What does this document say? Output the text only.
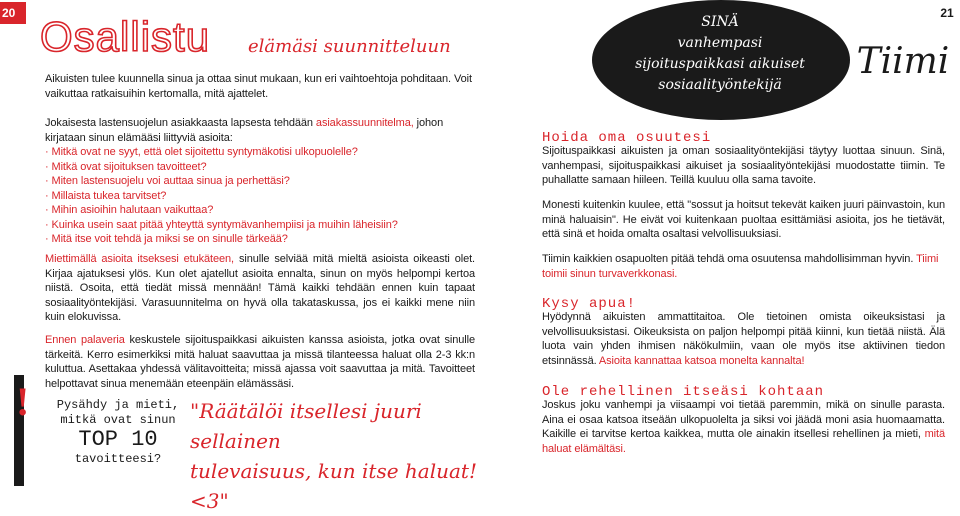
20 Osallistu elämäsi suunnitteluun
Aikuisten tulee kuunnella sinua ja ottaa sinut mukaan, kun eri vaihtoehtoja pohditaan. Voit vaikuttaa ratkaisuihin kertomalla, mitä ajattelet.
Jokaisesta lastensuojelun asiakkaasta lapsesta tehdään asiakassuunnitelma, johon kirjataan sinun elämääsi liittyviä asioita:
· Mitkä ovat ne syyt, että olet sijoitettu syntymäkotisi ulkopuolelle?
· Mitkä ovat sijoituksen tavoitteet?
· Miten lastensuojelu voi auttaa sinua ja perhettäsi?
· Millaista tukea tarvitset?
· Mihin asioihin halutaan vaikuttaa?
· Kuinka usein saat pitää yhteyttä syntymävanhempiisi ja muihin läheisiin?
· Mitä itse voit tehdä ja miksi se on sinulle tärkeää?
Miettimällä asioita itseksesi etukäteen, sinulle selviää mitä mieltä asioista oikeasti olet. Kirjaa ajatuksesi ylös. Kun olet ajatellut asioita ennalta, sinun on myös helpompi kertoa niistä. Osoita, että tiedät missä mennään! Tämä kaikki tehdään ennen kuin tapaat sosiaalityöntekijäsi. Varasuunnitelma on hyvä olla takataskussa, jos ei kaikki mene niin kuin elokuvissa.
Ennen palaveria keskustele sijoituspaikkasi aikuisten kanssa asioista, jotka ovat sinulle tärkeitä. Kerro esimerkiksi mitä haluat saavuttaa ja missä tilanteessa haluat olla 2-3 kk:n kuluttua. Asettakaa yhdessä välitavoitteita; missä ajassa voit saavuttaa ja mitä. Tavoitteet helpottavat sinua menemään eteenpäin elämässäsi.
!	Pysähdy ja mieti,
mitkä ovat sinun
TOP 10
tavoitteesi?
"Räätälöi itsellesi juuri sellainen
tulevaisuus, kun itse haluat! <3"
21
SINÄ
vanhempasi
sijoituspaikkasi aikuiset
sosiaalityöntekijä
= Tiimi
Hoida oma osuutesi
Sijoituspaikkasi aikuisten ja oman sosiaalityöntekijäsi täytyy luottaa sinuun. Sinä, vanhempasi, sijoituspaikkasi aikuiset ja sosiaalityöntekijäsi muodostatte tiimin. Te puhallatte samaan hiileen. Teillä kuuluu olla sama tavoite.
Monesti kuitenkin kuulee, että "sossut ja hoitsut tekevät kaiken juuri päinvastoin, kun minä haluaisin". He eivät voi kuitenkaan puoltaa esittämiäsi asioita, jos he tietävät, että sinä et hoida omalta osaltasi velvollisuuksiasi.
Tiimin kaikkien osapuolten pitää tehdä oma osuutensa mahdollisimman hyvin. Tiimi toimii sinun turvaverkkonasi.
Kysy apua!
Hyödynnä aikuisten ammattitaitoa. Ole tietoinen omista oikeuksistasi ja velvollisuuksistasi. Oikeuksista on paljon helpompi pitää kiinni, kun tietää niistä. Älä luota vain yhden ihmisen näkökulmiin, vaan ole myös itse aktiivinen tiedon etsinnässä. Asioita kannattaa katsoa monelta kannalta!
Ole rehellinen itseäsi kohtaan
Joskus joku vanhempi ja viisaampi voi tietää paremmin, mikä on sinulle parasta. Aina ei osaa katsoa itseään ulkopuolelta ja siksi voi jäädä moni asia huomaamatta. Kaikille ei tarvitse kertoa kaikkea, mutta ole ainakin itsellesi rehellinen ja mieti, mitä haluat elämältäsi.
